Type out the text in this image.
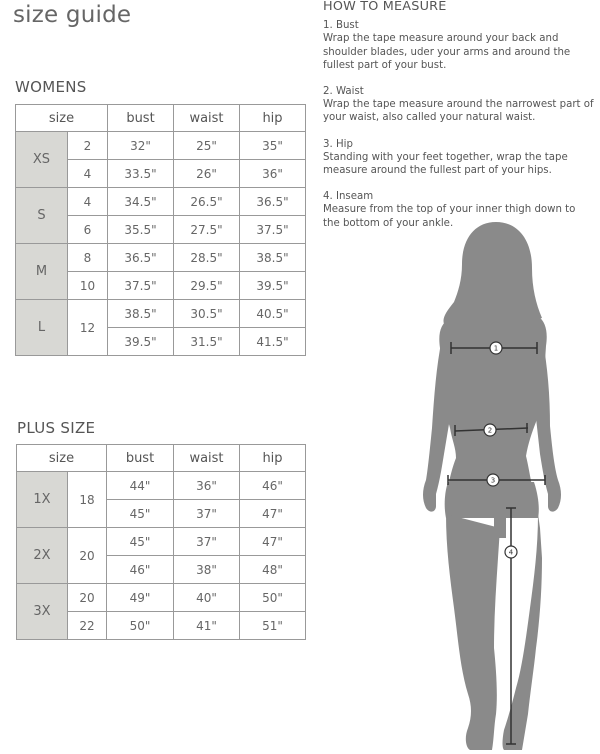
size guide
WOMENS
size		bust	waist	hip
XS	2	32"	25"	35"
	4	33.5"	26"	36"
S	4	34.5"	26.5"	36.5"
	6	35.5"	27.5"	37.5"
M	8	36.5"	28.5"	38.5"
	10	37.5"	29.5"	39.5"
L	12	38.5"	30.5"	40.5"
		39.5"	31.5"	41.5"
PLUS SIZE
size		bust	waist	hip
1X	18	44"	36"	46"
		45"	37"	47"
2X	20	45"	37"	47"
		46"	38"	48"
3X	20	49"	40"	50"
	22	50"	41"	51"
HOW TO MEASURE
1. Bust
Wrap the tape measure around your back and shoulder blades, uder your arms and around the fullest part of your bust.
2. Waist
Wrap the tape measure around the narrowest part of your waist, also called your natural waist.
3. Hip
Standing with your feet together, wrap the tape measure around the fullest part of your hips.
4. Inseam
Measure from the top of your inner thigh down to the bottom of your ankle.
1
2
3
4
